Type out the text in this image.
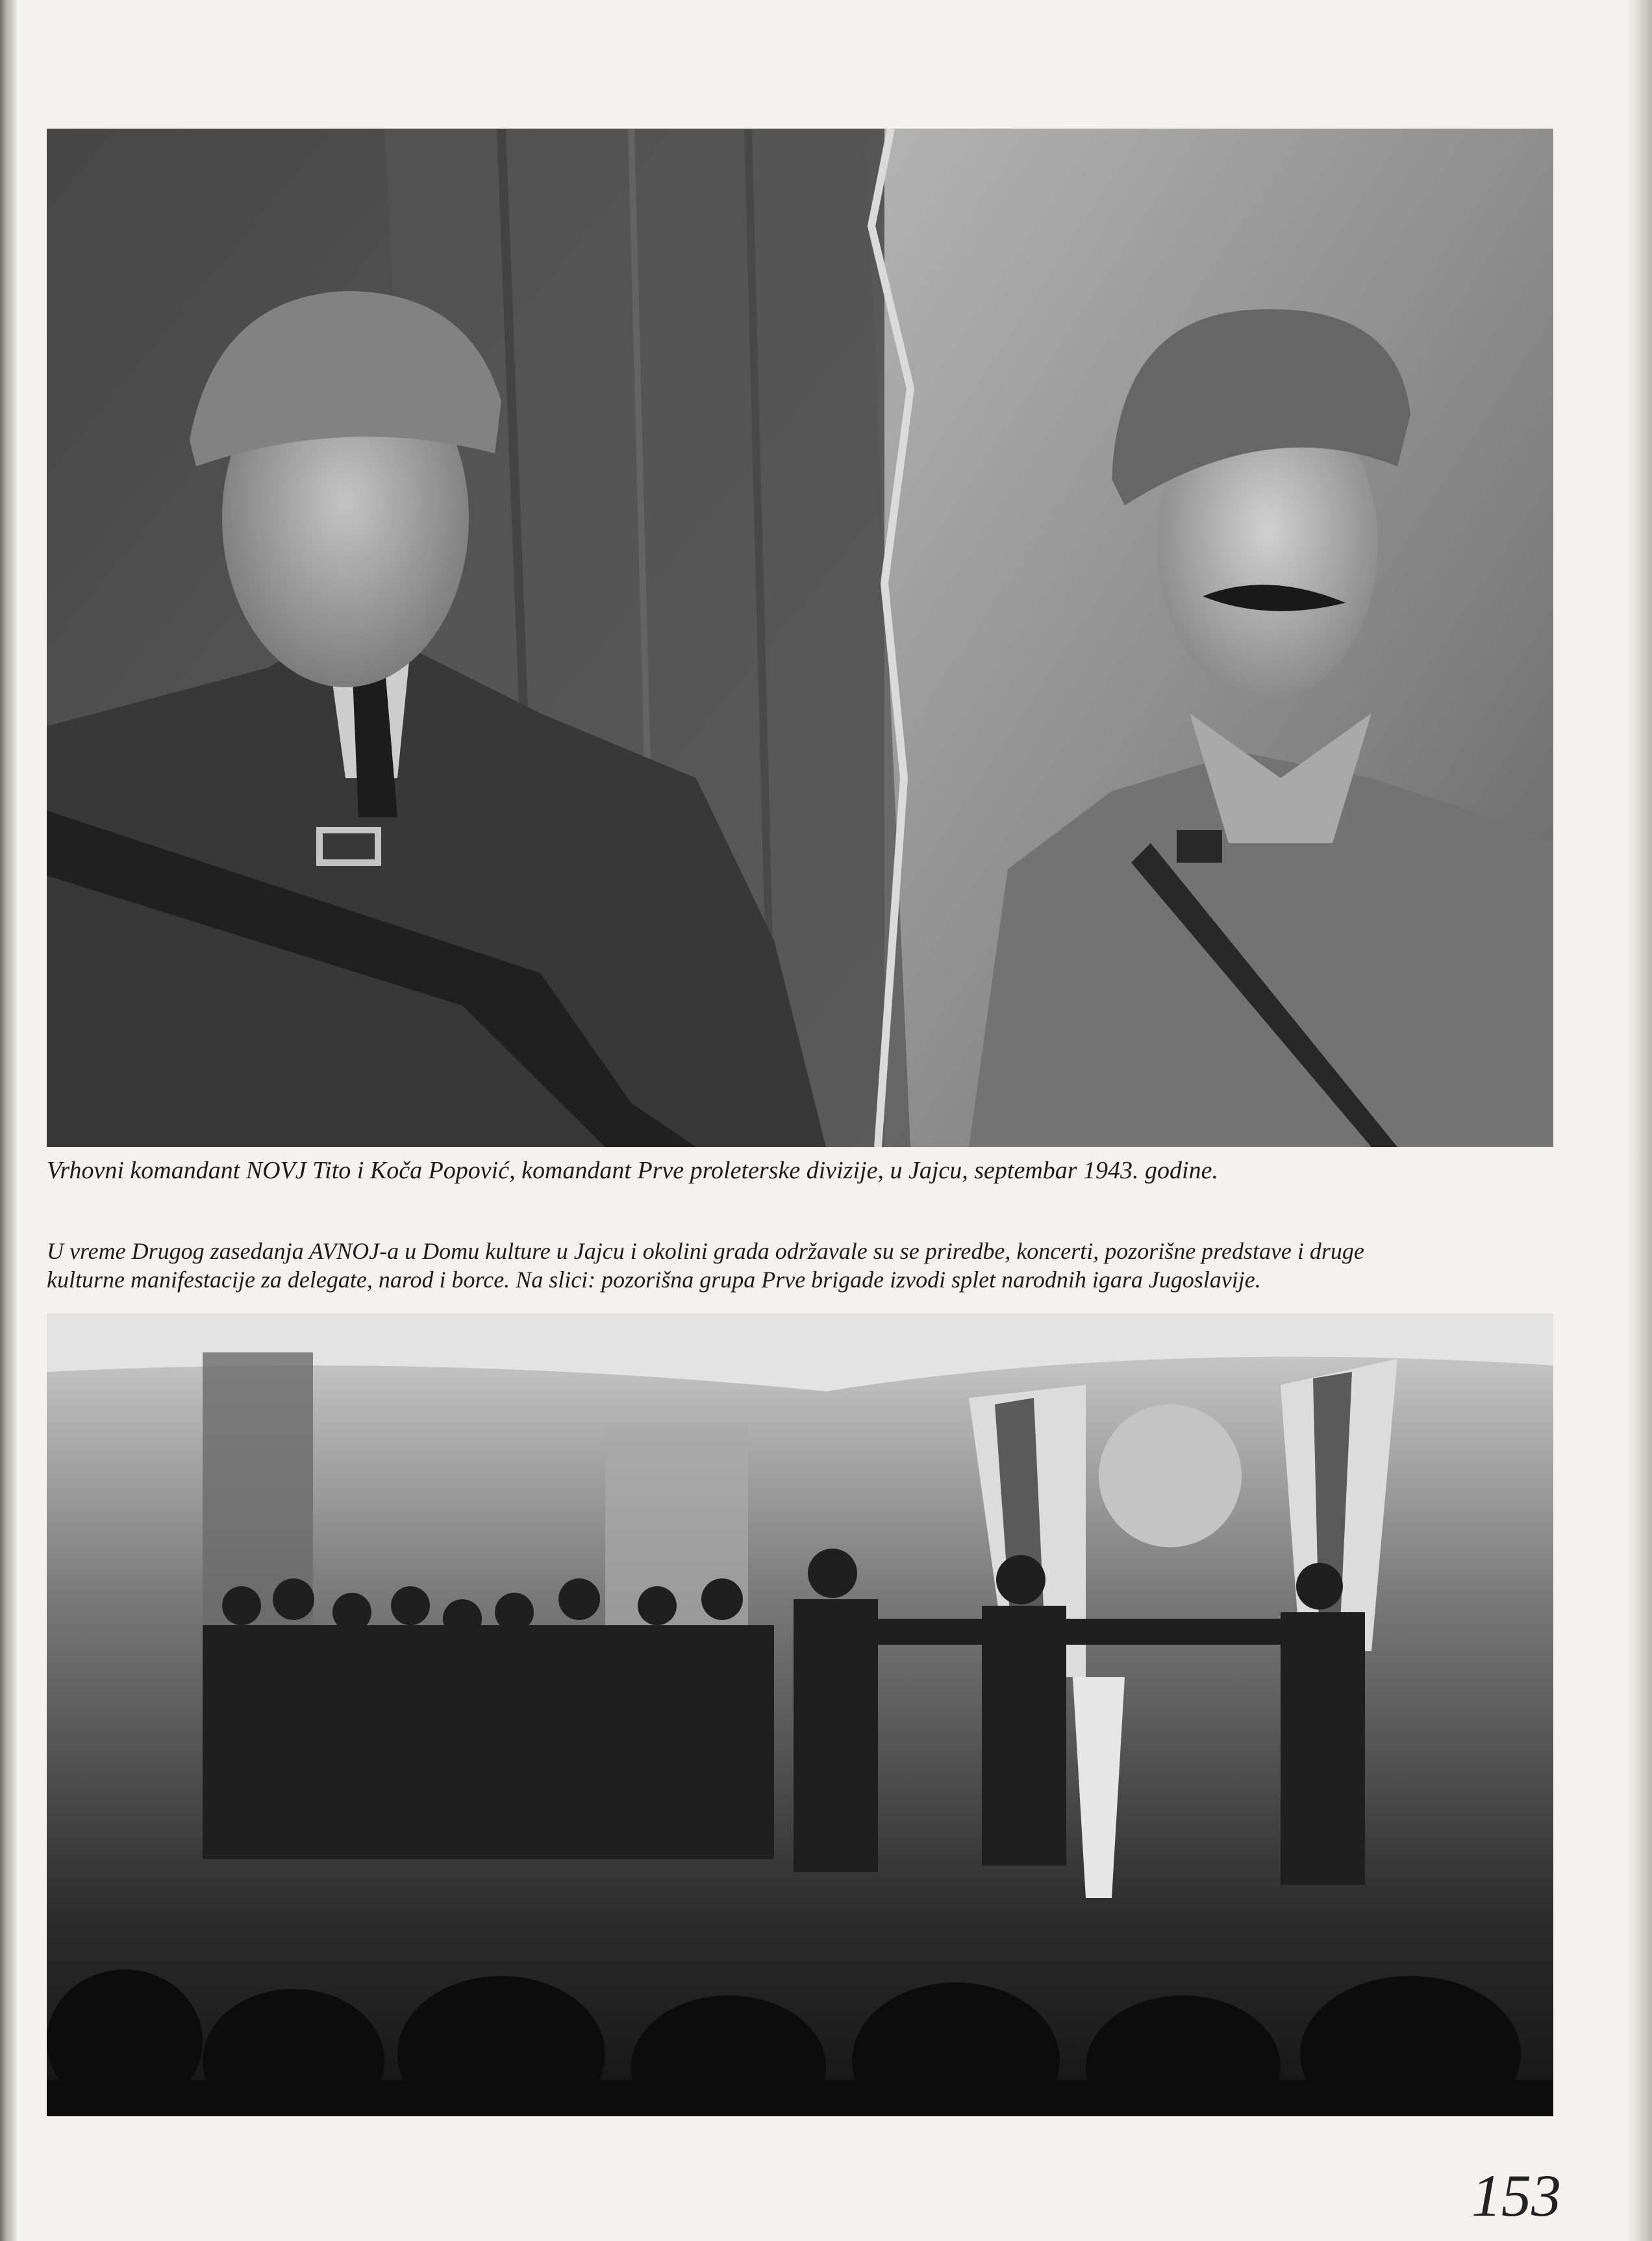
Vrhovni komandant NOVJ Tito i Koča Popović, komandant Prve proleterske divizije, u Jajcu, septembar 1943. godine.

U vreme Drugog zasedanja AVNOJ-a u Domu kulture u Jajcu i okolini grada održavale su se priredbe, koncerti, pozorišne predstave i druge

kulturne manifestacije za delegate, narod i borce. Na slici: pozorišna grupa Prve brigade izvodi splet narodnih igara Jugoslavije.

153
